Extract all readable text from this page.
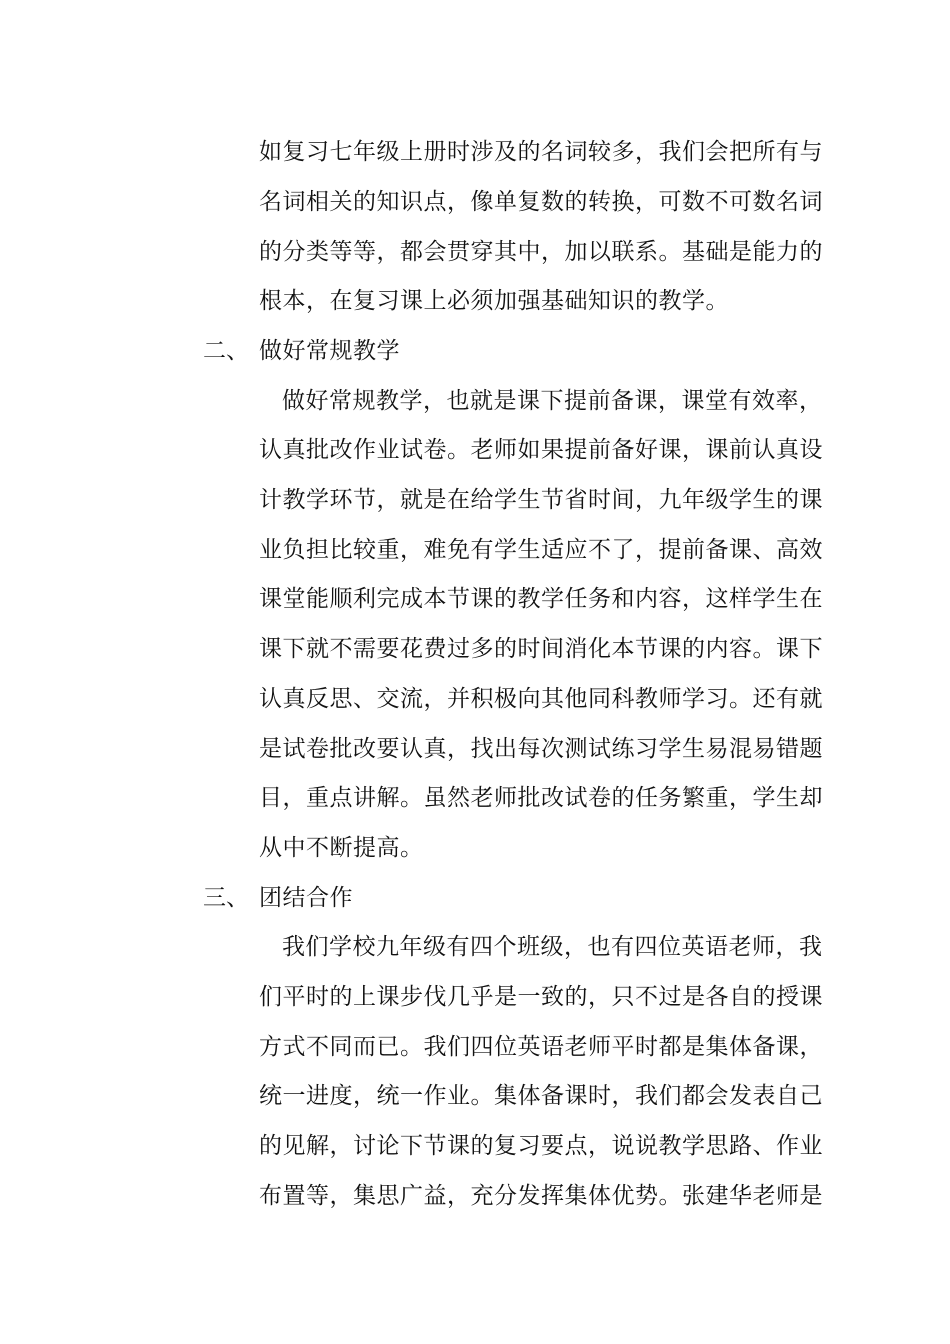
如复习七年级上册时涉及的名词较多，我们会把所有与
名词相关的知识点，像单复数的转换，可数不可数名词
的分类等等，都会贯穿其中，加以联系。基础是能力的
根本，在复习课上必须加强基础知识的教学。
二、 做好常规教学
做好常规教学，也就是课下提前备课，课堂有效率，
认真批改作业试卷。老师如果提前备好课，课前认真设
计教学环节，就是在给学生节省时间，九年级学生的课
业负担比较重，难免有学生适应不了，提前备课、高效
课堂能顺利完成本节课的教学任务和内容，这样学生在
课下就不需要花费过多的时间消化本节课的内容。课下
认真反思、交流，并积极向其他同科教师学习。还有就
是试卷批改要认真，找出每次测试练习学生易混易错题
目，重点讲解。虽然老师批改试卷的任务繁重，学生却
从中不断提高。
三、 团结合作
我们学校九年级有四个班级，也有四位英语老师，我
们平时的上课步伐几乎是一致的，只不过是各自的授课
方式不同而已。我们四位英语老师平时都是集体备课，
统一进度，统一作业。集体备课时，我们都会发表自己
的见解，讨论下节课的复习要点，说说教学思路、作业
布置等，集思广益，充分发挥集体优势。张建华老师是
